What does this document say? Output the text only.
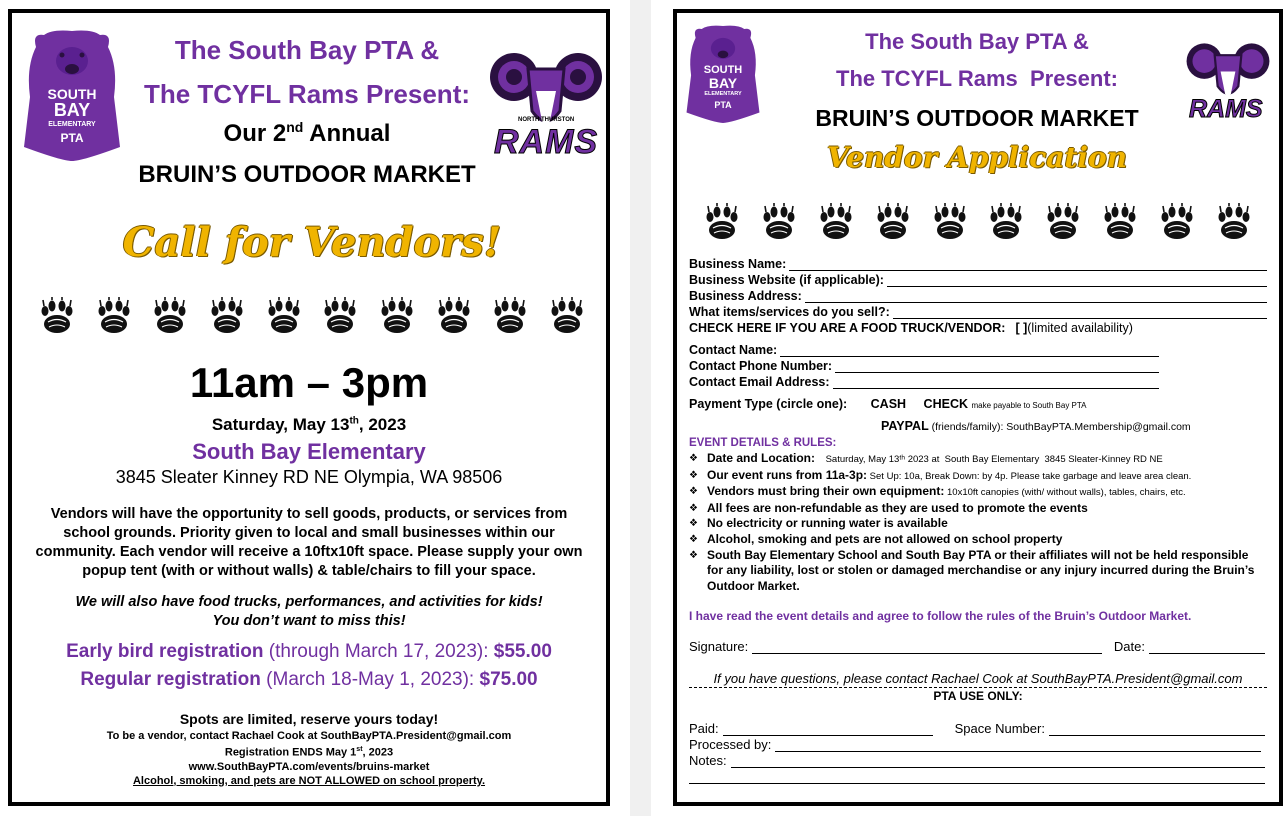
SOUTH
BAY
ELEMENTARY
PTA	RAMS
NORTH THURSTON
The South Bay PTA &
The TCYFL Rams Present:
Our 2nd Annual
BRUIN’S OUTDOOR MARKET
Call for Vendors!
11am – 3pm
Saturday, May 13th, 2023
South Bay Elementary
3845 Sleater Kinney RD NE Olympia, WA 98506
Vendors will have the opportunity to sell goods, products, or services from school grounds. Priority given to local and small businesses within our community. Each vendor will receive a 10ftx10ft space. Please supply your own popup tent (with or without walls) & table/chairs to fill your space.
We will also have food trucks, performances, and activities for kids!
You don’t want to miss this!
Early bird registration (through March 17, 2023): $55.00
Regular registration (March 18-May 1, 2023): $75.00
Spots are limited, reserve yours today!
To be a vendor, contact Rachael Cook at SouthBayPTA.President@gmail.com
Registration ENDS May 1st, 2023
www.SouthBayPTA.com/events/bruins-market
Alcohol, smoking, and pets are NOT ALLOWED on school property.
SOUTH
BAY
ELEMENTARY
PTA	RAMS
The South Bay PTA &
The TCYFL Rams  Present:
BRUIN’S OUTDOOR MARKET
Vendor Application
Business Name:
Business Website (if applicable):
Business Address:
What items/services do you sell?:
CHECK HERE IF YOU ARE A FOOD TRUCK/VENDOR: [ ] (limited availability)
Contact Name:
Contact Phone Number:
Contact Email Address:
Payment Type (circle one): CASH CHECK make payable to South Bay PTA
PAYPAL (friends/family): SouthBayPTA.Membership@gmail.com
EVENT DETAILS & RULES:
❖ Date and Location:    Saturday, May 13ᵗʰ 2023 at  South Bay Elementary  3845 Sleater-Kinney RD NE
❖ Our event runs from 11a-3p: Set Up: 10a, Break Down: by 4p. Please take garbage and leave area clean.
❖ Vendors must bring their own equipment: 10x10ft canopies (with/ without walls), tables, chairs, etc.
❖ All fees are non-refundable as they are used to promote the events
❖ No electricity or running water is available
❖ Alcohol, smoking and pets are not allowed on school property
❖ South Bay Elementary School and South Bay PTA or their affiliates will not be held responsible for any liability, lost or stolen or damaged merchandise or any injury incurred during the Bruin’s Outdoor Market.
I have read the event details and agree to follow the rules of the Bruin’s Outdoor Market.
Signature:	Date:
If you have questions, please contact Rachael Cook at SouthBayPTA.President@gmail.com
PTA USE ONLY:
Paid:	Space Number:
Processed by:
Notes:
